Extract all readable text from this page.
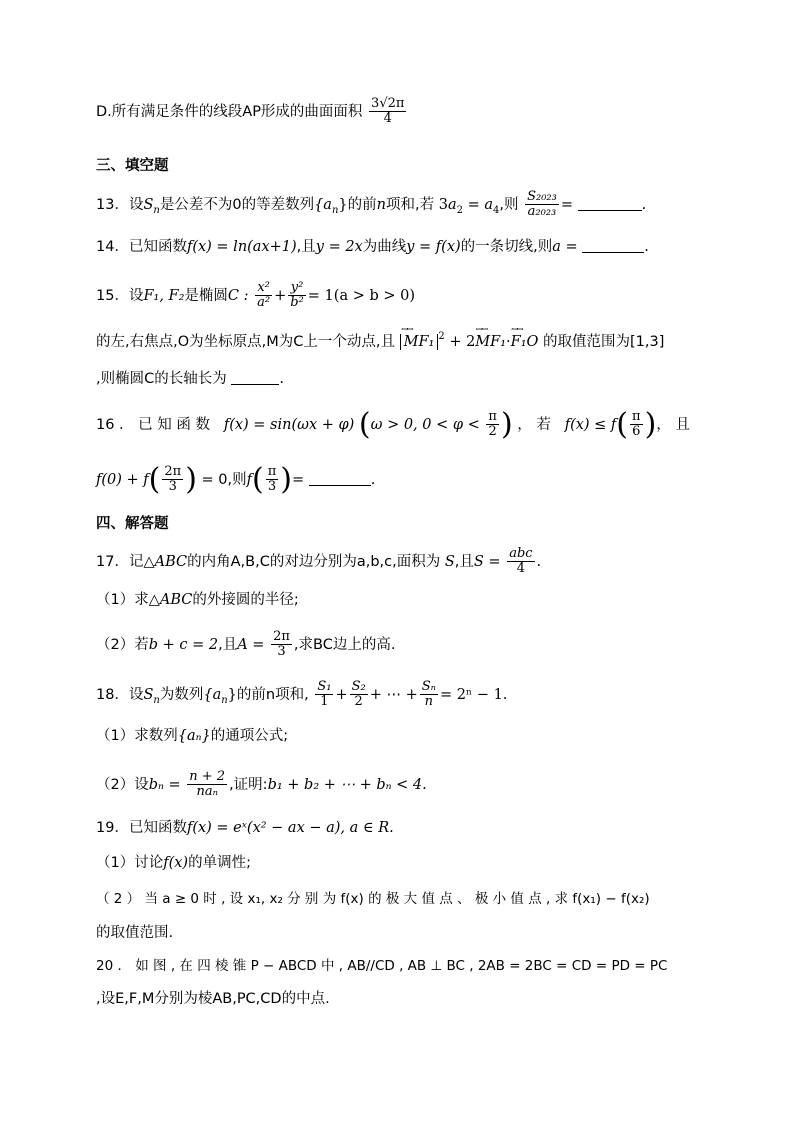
D.所有满足条件的线段AP形成的曲面面积 $\frac{3√2\pi}{4}$
三、填空题
13．设$S_n$是公差不为0的等差数列$\{a_n\}$的前n项和,若 $3a_2 = a_4$,则 $\frac{\text{S₂₀₂₃}}{\text{a₂₀₂₃}}$ =	.
14．已知函数f(x) = ln(ax+1),且y = 2x为曲线y = f(x)的一条切线,则a =	.
15．设F₁, F₂是椭圆C : $\frac{\text{x²}}{\text{a²}} + \frac{\text{y²}}{\text{b²}} = 1(a > b > 0)$
的左,右焦点,O为坐标原点,M为C上一个动点,且 ꟷꟷ MF₁ $^2$ + 2ꟷꟷ MF₁·ꟷꟷ F₁O 的取值范围为[1,3]
,则椭圆C的长轴长为	.
16 ． 已 知 函 数 f(x) = sin(ωx + φ) (ω > 0, $0 < \varphi < \frac{\pi}{2}$ ) ， 若 $f(x) \le f( \frac{\pi}{6}$ )， 且
$f(0) + f( \frac{2\pi}{3}$ ) = 0,则$f( \frac{\pi}{3}$ )=	.
四、解答题
17．记△ABC的内角A,B,C的对边分别为a,b,c,面积为 S,且$S = \frac{\text{abc}}{4}$ .
（1）求△ABC的外接圆的半径;
（2）若b + c = 2,且$A = \frac{2\pi}{3}$ ,求BC边上的高.
18．设$S_n$为数列$\{a_n\}$的前n项和, $\frac{\text{S₁}}{1} + \frac{\text{S₂}}{2}$ + ⋯ + $\frac{\text{Sₙ}}{n} = 2^n - 1$.
（1）求数列{aₙ}的通项公式;
（2）设$b_n = \frac{n + 2}{\text{naₙ}}$ ,证明:b₁ + b₂ + ⋯ + bₙ < 4.
19．已知函数f(x) = eˣ(x² − ax − a), a ∈ R.
（1）讨论f(x)的单调性;
（ 2 ） 当 a ≥ 0 时 , 设 x₁, x₂ 分 别 为 f(x) 的 极 大 值 点 、 极 小 值 点 , 求 f(x₁) − f(x₂)
的取值范围.
20 ． 如 图 , 在 四 棱 锥 P − ABCD 中 , AB//CD , AB ⊥ BC , 2AB = 2BC = CD = PD = PC
,设E,F,M分别为棱AB,PC,CD的中点.
